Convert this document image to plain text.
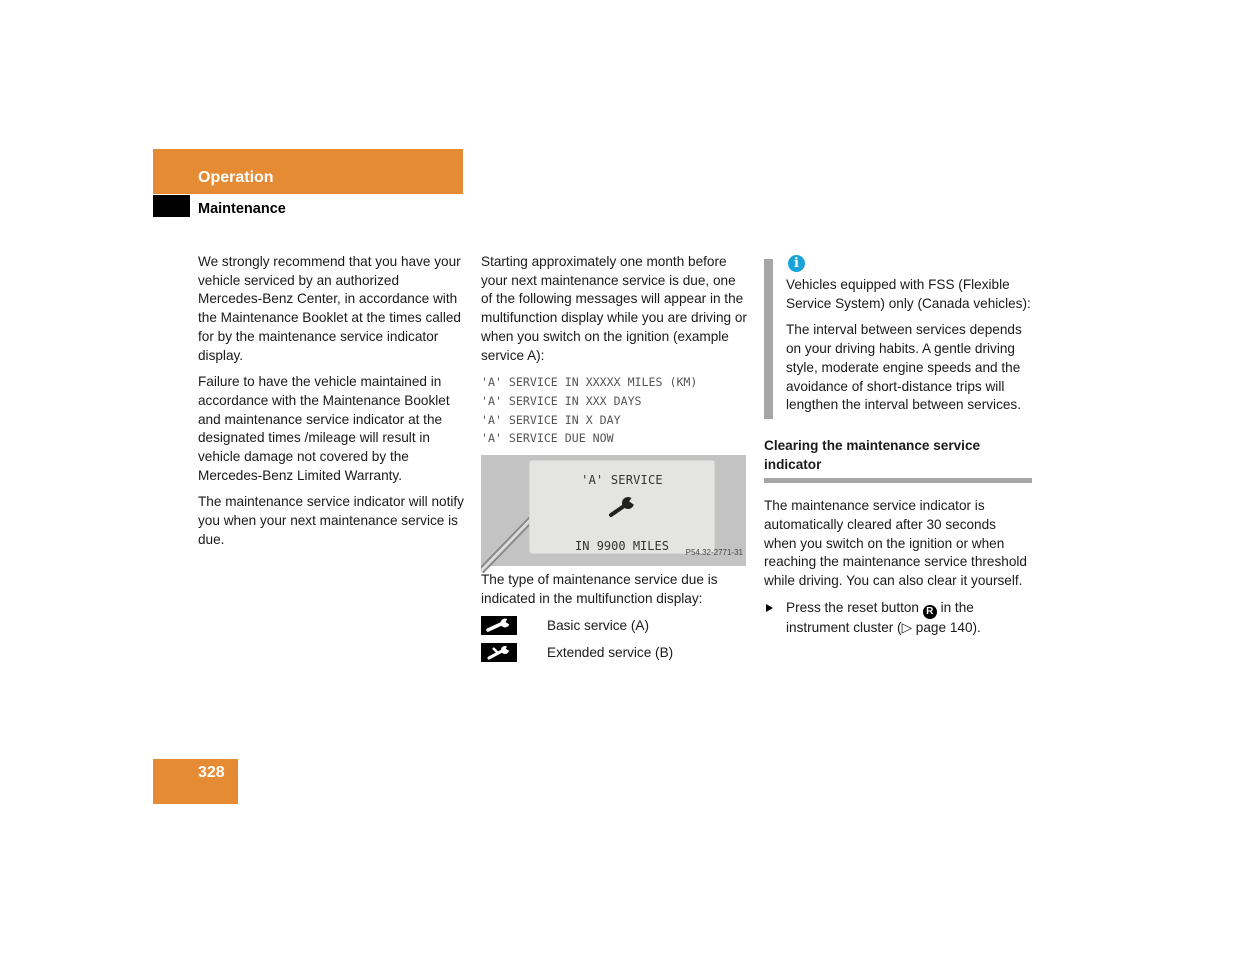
Operation
Maintenance

We strongly recommend that you have your vehicle serviced by an authorized Mercedes-Benz Center, in accordance with the Maintenance Booklet at the times called for by the maintenance service indicator display.

Failure to have the vehicle maintained in accordance with the Maintenance Booklet and maintenance service indicator at the designated times /mileage will result in vehicle damage not covered by the Mercedes-Benz Limited Warranty.

The maintenance service indicator will notify you when your next maintenance service is due.

Starting approximately one month before your next maintenance service is due, one of the following messages will appear in the multifunction display while you are driving or when you switch on the ignition (example service A):

'A' SERVICE IN XXXXX MILES (KM)
'A' SERVICE IN XXX DAYS
'A' SERVICE IN X DAY
'A' SERVICE DUE NOW
'A' SERVICE
IN 9900 MILES	P54.32-2771-31

The type of maintenance service due is indicated in the multifunction display:

Basic service (A)
Extended service (B)
i

Vehicles equipped with FSS (Flexible Service System) only (Canada vehicles):

The interval between services depends on your driving habits. A gentle driving style, moderate engine speeds and the avoidance of short-distance trips will lengthen the interval between services.

Clearing the maintenance service indicator

The maintenance service indicator is automatically cleared after 30 seconds when you switch on the ignition or when reaching the maintenance service threshold while driving. You can also clear it yourself.

Press the reset button R in the instrument cluster (▷ page 140).
328
